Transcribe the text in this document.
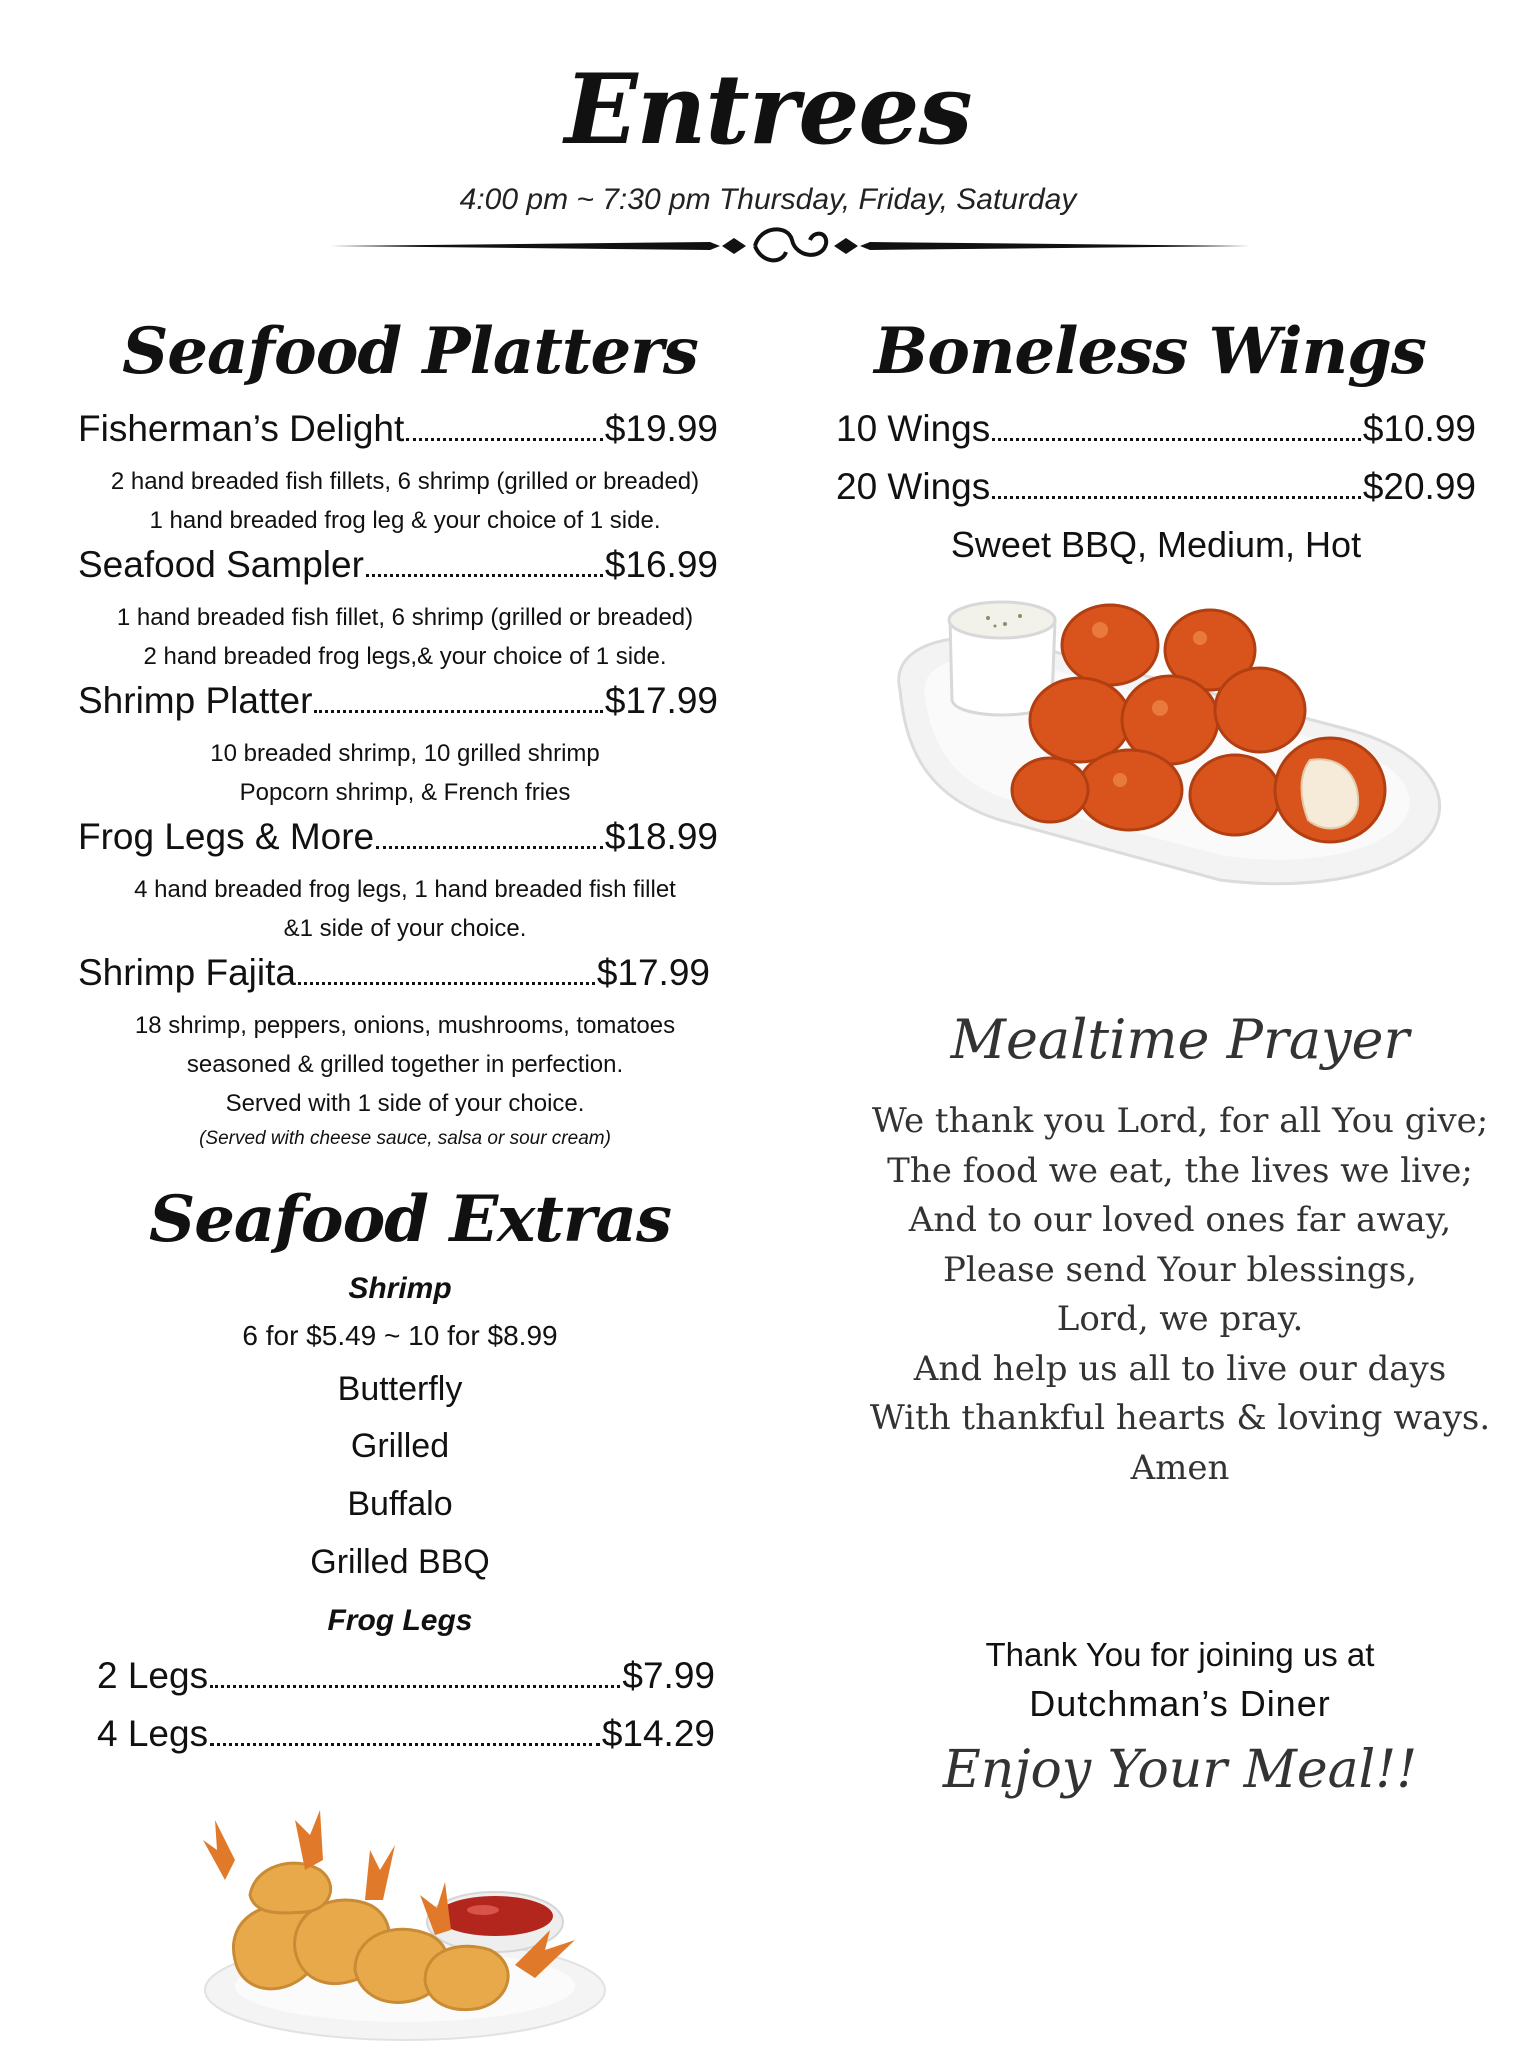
Entrees
4:00 pm ~ 7:30 pm Thursday, Friday, Saturday
Seafood Platters
Fisherman’s Delight	$19.99
2 hand breaded fish fillets, 6 shrimp (grilled or breaded)
1 hand breaded frog leg & your choice of 1 side.
Seafood Sampler	$16.99
1 hand breaded fish fillet, 6 shrimp (grilled or breaded)
2 hand breaded frog legs,& your choice of 1 side.
Shrimp Platter	$17.99
10 breaded shrimp, 10 grilled shrimp
Popcorn shrimp, & French fries
Frog Legs & More	$18.99
4 hand breaded frog legs, 1 hand breaded fish fillet
&1 side of your choice.
Shrimp Fajita	$17.99
18 shrimp, peppers, onions, mushrooms, tomatoes
seasoned & grilled together in perfection.
Served with 1 side of your choice.
(Served with cheese sauce, salsa or sour cream)
Seafood Extras
Shrimp
6 for $5.49 ~ 10 for $8.99
Butterfly
Grilled
Buffalo
Grilled BBQ
Frog Legs
2 Legs	$7.99
4 Legs	$14.29
Boneless Wings
10 Wings	$10.99
20 Wings	$20.99
Sweet BBQ, Medium, Hot
Mealtime Prayer
We thank you Lord, for all You give;
The food we eat, the lives we live;
And to our loved ones far away,
Please send Your blessings,
Lord, we pray.
And help us all to live our days
With thankful hearts & loving ways.
Amen
Thank You for joining us at
Dutchman’s Diner
Enjoy Your Meal!!
